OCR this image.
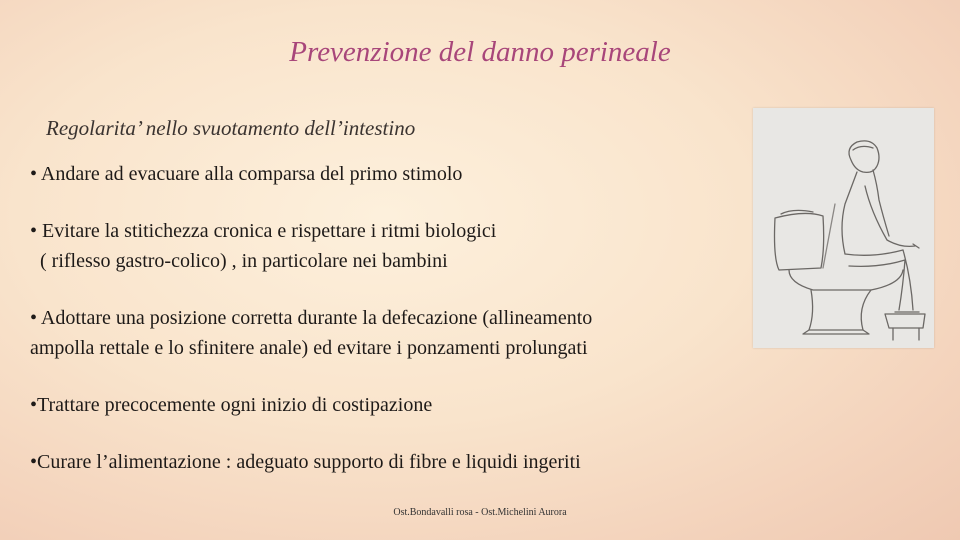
Prevenzione del danno perineale
Regolarita’ nello svuotamento dell’intestino
• Andare ad evacuare alla comparsa del primo stimolo
• Evitare la stitichezza cronica e rispettare i ritmi biologici
( riflesso gastro-colico) , in particolare nei bambini
• Adottare una posizione corretta durante la defecazione (allineamento
ampolla rettale e lo sfinitere anale) ed evitare i ponzamenti prolungati
•Trattare precocemente ogni inizio di costipazione
•Curare l’alimentazione : adeguato supporto di fibre e liquidi ingeriti
Ost.Bondavalli rosa - Ost.Michelini Aurora
